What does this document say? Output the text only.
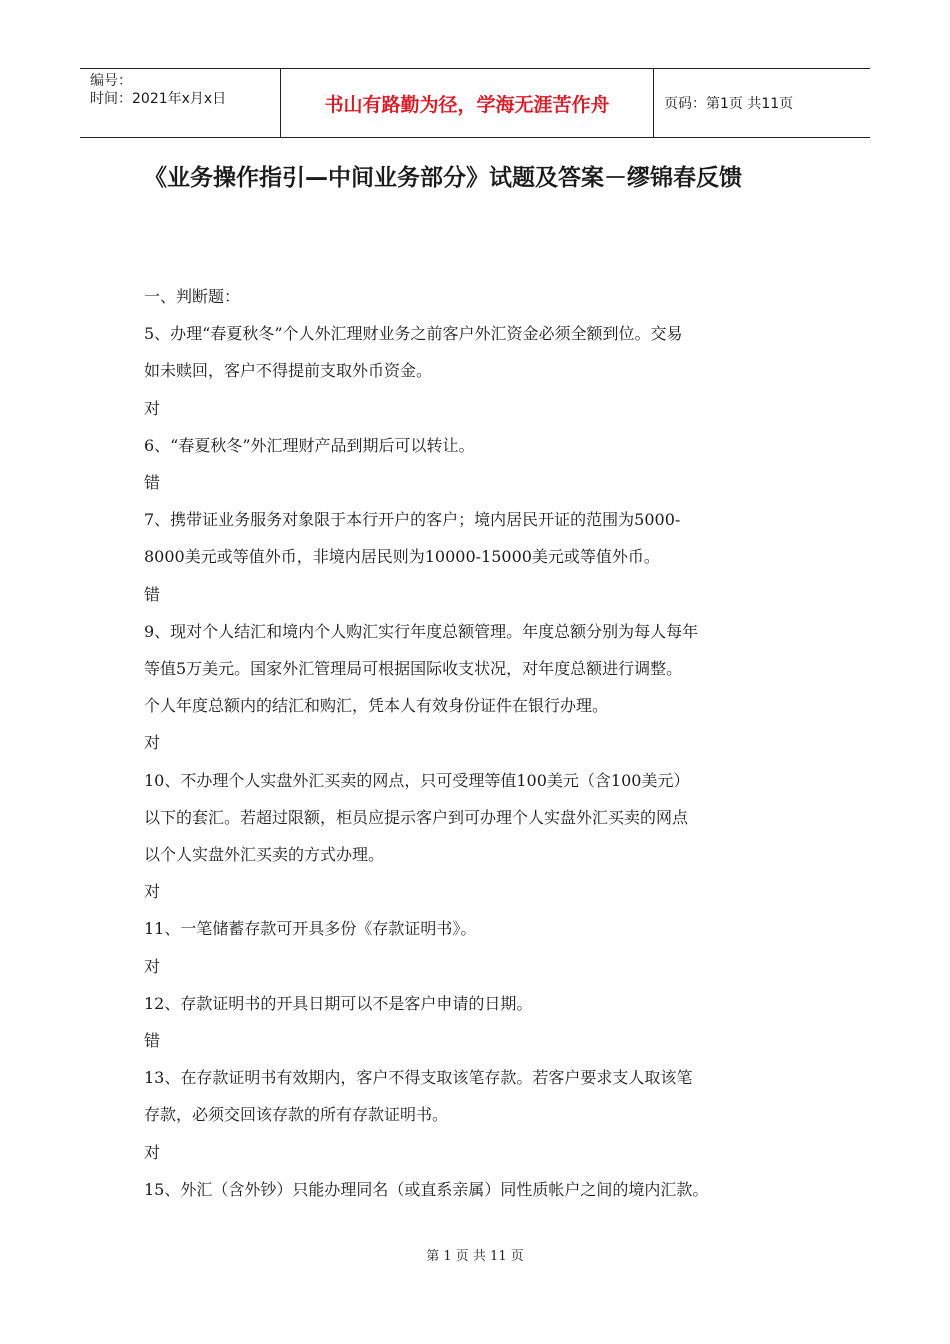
编号：
时间：2021年x月x日	书山有路勤为径，学海无涯苦作舟	页码：第1页 共11页
《业务操作指引—中间业务部分》试题及答案－缪锦春反馈

一、判断题：

5、办理“春夏秋冬”个人外汇理财业务之前客户外汇资金必须全额到位。交易

如未赎回，客户不得提前支取外币资金。

对

6、“春夏秋冬”外汇理财产品到期后可以转让。

错

7、携带证业务服务对象限于本行开户的客户；境内居民开证的范围为5000-

8000美元或等值外币，非境内居民则为10000-15000美元或等值外币。

错

9、现对个人结汇和境内个人购汇实行年度总额管理。年度总额分别为每人每年

等值5万美元。国家外汇管理局可根据国际收支状况，对年度总额进行调整。

个人年度总额内的结汇和购汇，凭本人有效身份证件在银行办理。

对

10、不办理个人实盘外汇买卖的网点，只可受理等值100美元（含100美元）

以下的套汇。若超过限额，柜员应提示客户到可办理个人实盘外汇买卖的网点

以个人实盘外汇买卖的方式办理。

对

11、一笔储蓄存款可开具多份《存款证明书》。

对

12、存款证明书的开具日期可以不是客户申请的日期。

错

13、在存款证明书有效期内，客户不得支取该笔存款。若客户要求支人取该笔

存款，必须交回该存款的所有存款证明书。

对

15、外汇（含外钞）只能办理同名（或直系亲属）同性质帐户之间的境内汇款。

第 1 页 共 11 页
